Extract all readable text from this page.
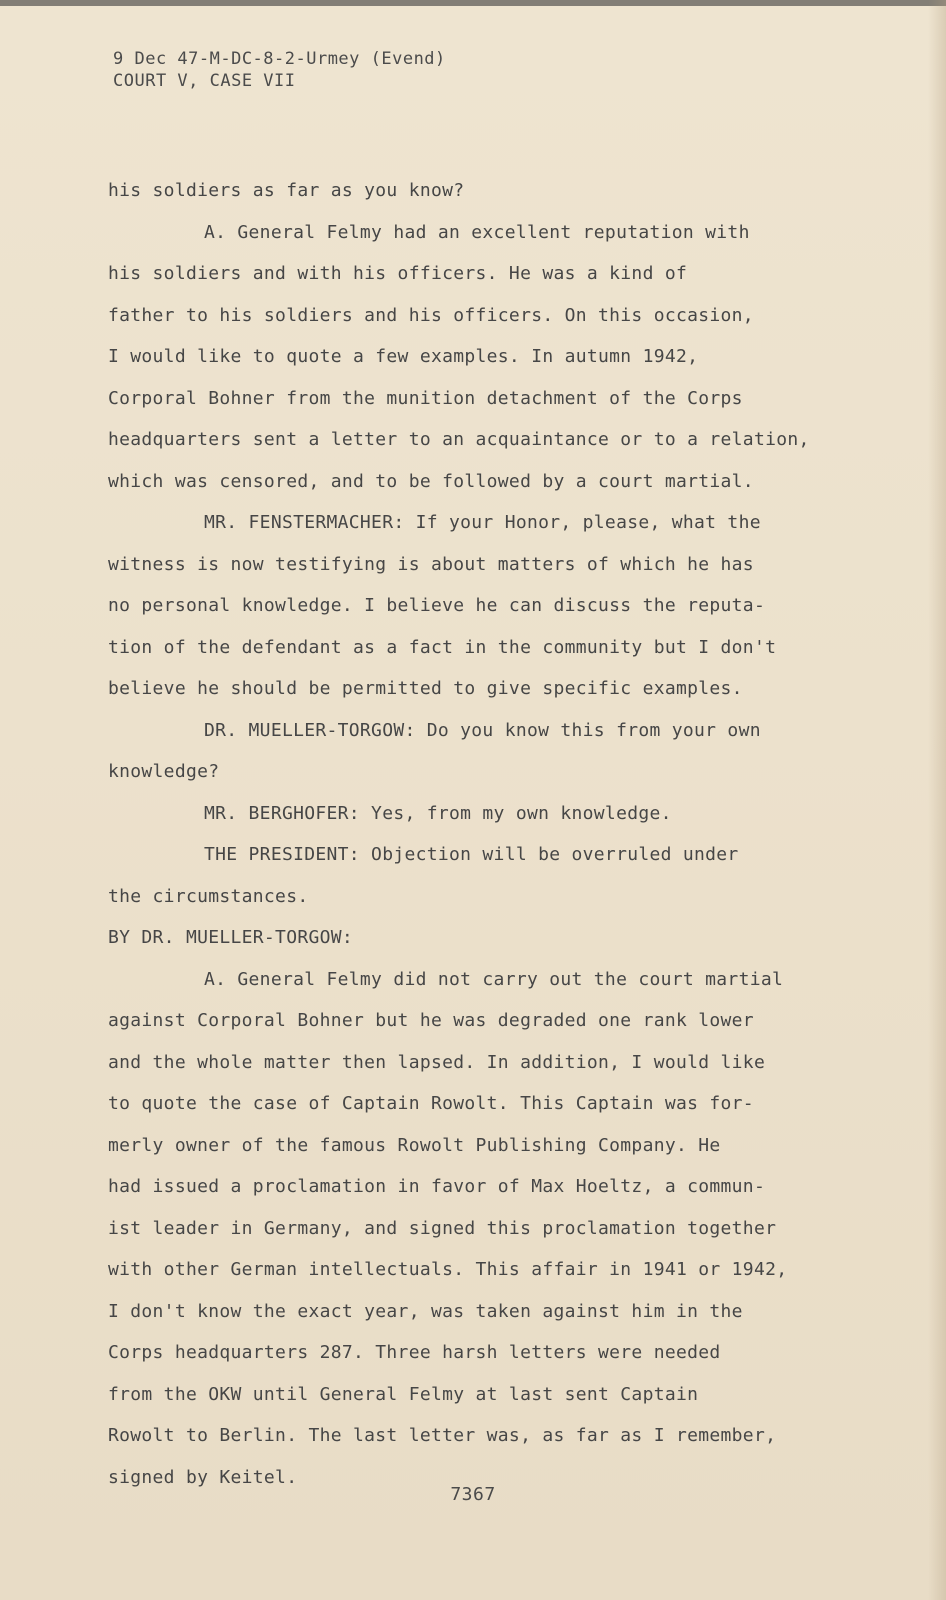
9 Dec 47-M-DC-8-2-Urmey (Evend)
COURT V, CASE VII
his soldiers as far as you know?
A. General Felmy had an excellent reputation with
his soldiers and with his officers. He was a kind of
father to his soldiers and his officers. On this occasion,
I would like to quote a few examples. In autumn 1942,
Corporal Bohner from the munition detachment of the Corps
headquarters sent a letter to an acquaintance or to a relation,
which was censored, and to be followed by a court martial.
MR. FENSTERMACHER: If your Honor, please, what the
witness is now testifying is about matters of which he has
no personal knowledge. I believe he can discuss the reputa-
tion of the defendant as a fact in the community but I don't
believe he should be permitted to give specific examples.
DR. MUELLER-TORGOW: Do you know this from your own
knowledge?
MR. BERGHOFER: Yes, from my own knowledge.
THE PRESIDENT: Objection will be overruled under
the circumstances.
BY DR. MUELLER-TORGOW:
A. General Felmy did not carry out the court martial
against Corporal Bohner but he was degraded one rank lower
and the whole matter then lapsed. In addition, I would like
to quote the case of Captain Rowolt. This Captain was for-
merly owner of the famous Rowolt Publishing Company. He
had issued a proclamation in favor of Max Hoeltz, a commun-
ist leader in Germany, and signed this proclamation together
with other German intellectuals. This affair in 1941 or 1942,
I don't know the exact year, was taken against him in the
Corps headquarters 287. Three harsh letters were needed
from the OKW until General Felmy at last sent Captain
Rowolt to Berlin. The last letter was, as far as I remember,
signed by Keitel.
7367
